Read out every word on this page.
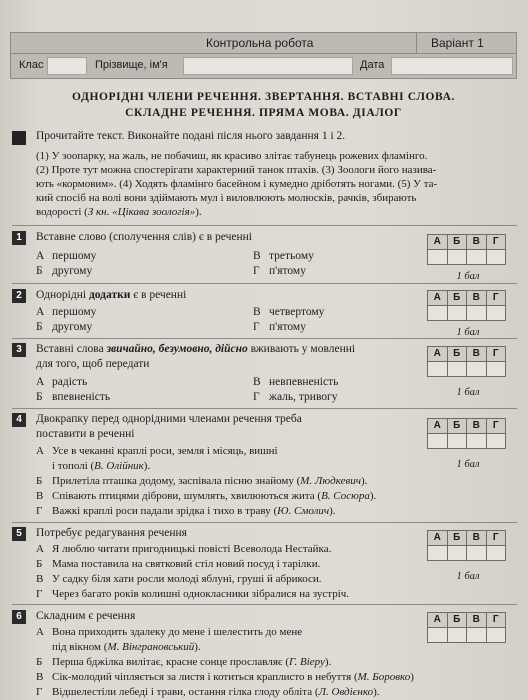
Контрольна робота	Варіант 1
Клас	Прізвище, ім'я	Дата
ОДНОРІДНІ ЧЛЕНИ РЕЧЕННЯ. ЗВЕРТАННЯ. ВСТАВНІ СЛОВА.
СКЛАДНЕ РЕЧЕННЯ. ПРЯМА МОВА. ДІАЛОГ
Прочитайте текст. Виконайте подані після нього завдання 1 і 2.
(1) У зоопарку, на жаль, не побачиш, як красиво злітає табунець рожевих фламінго.
(2) Проте тут можна спостерігати характерний танок птахів. (3) Зоологи його назива-
ють «кормовим». (4) Ходять фламінго басейном і кумедно дріботять ногами. (5) У та-
кий спосіб на волі вони здіймають мул і виловлюють молюсків, рачків, збирають
водорості (З кн. «Цікава зоологія»).
1	Вставне слово (сполучення слів) є в реченні
А першому
Б другому
В третьому
Г п'ятому
А	Б	В	Г
1 бал
2	Однорідні додатки є в реченні
А першому
Б другому
В четвертому
Г п'ятому
А	Б	В	Г
1 бал
3	Вставні слова звичайно, безумовно, дійсно вживають у мовленні
для того, щоб передати
А радість
Б впевненість
В невпевненість
Г жаль, тривогу
А	Б	В	Г
1 бал
4	Двокрапку перед однорідними членами речення треба
поставити в реченні
А Усе в чеканні краплі роси, земля і місяць, вишні
і тополі (В. Олійник).
Б Прилетіла пташка додому, заспівала пісню знайому (М. Людкевич).
В Співають птицями діброви, шумлять, хвилюються жита (В. Сосюра).
Г Важкі краплі роси падали зрідка і тихо в траву (Ю. Смолич).
А	Б	В	Г
1 бал
5	Потребує редагування речення
А Я люблю читати пригодницькі повісті Всеволода Нестайка.
Б Мама поставила на святковий стіл новий посуд і тарілки.
В У садку біля хати росли молоді яблуні, груші й абрикоси.
Г Через багато років колишні однокласники зібралися на зустріч.
А	Б	В	Г
1 бал
6	Складним є речення
А Вона приходить здалеку до мене і шелестить до мене
під вікном (М. Вінграновський).
Б Перша бджілка вилітає, красне сонце прославляє (Г. Віеру).
В Сік-молодий чіпляється за листя і котиться краплисто в небуття (М. Боровко)
Г Відшелестіли лебеді і трави, остання гілка глоду обліта (Л. Овдієнко).
А	Б	В	Г
